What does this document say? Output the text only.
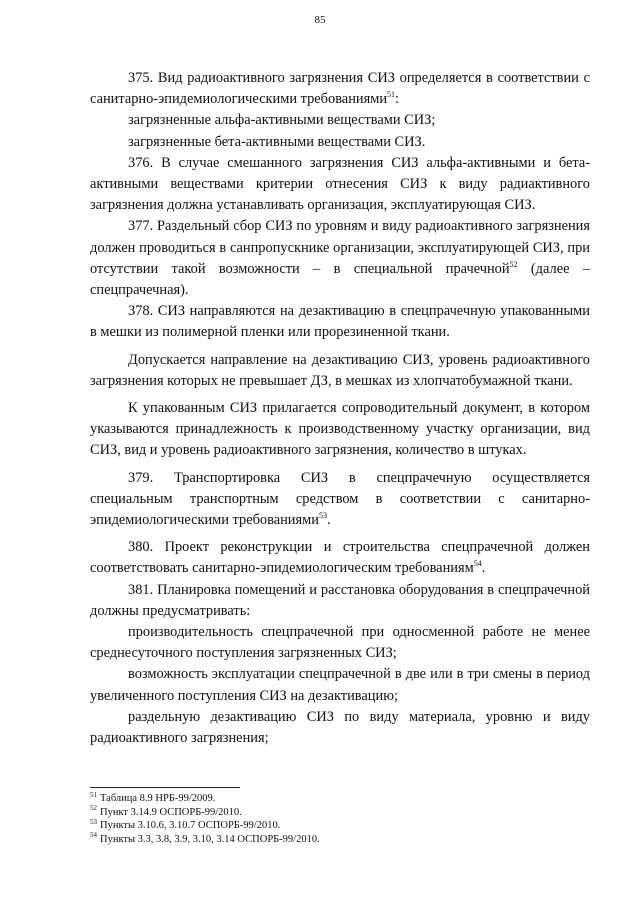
85

375. Вид радиоактивного загрязнения СИЗ определяется в соответствии с санитарно-эпидемиологическими требованиями$^{51}$:

загрязненные альфа-активными веществами СИЗ;

загрязненные бета-активными веществами СИЗ.

376. В случае смешанного загрязнения СИЗ альфа-активными и бета-активными веществами критерии отнесения СИЗ к виду радиактивного загрязнения должна устанавливать организация, эксплуатирующая СИЗ.

377. Раздельный сбор СИЗ по уровням и виду радиоактивного загрязнения должен проводиться в санпропускнике организации, эксплуатирующей СИЗ, при отсутствии такой возможности – в специальной прачечной$^{52}$ (далее – спецпрачечная).

378. СИЗ направляются на дезактивацию в спецпрачечную упакованными в мешки из полимерной пленки или прорезиненной ткани.

Допускается направление на дезактивацию СИЗ, уровень радиоактивного загрязнения которых не превышает ДЗ, в мешках из хлопчатобумажной ткани.

К упакованным СИЗ прилагается сопроводительный документ, в котором указываются принадлежность к производственному участку организации, вид СИЗ, вид и уровень радиоактивного загрязнения, количество в штуках.

379. Транспортировка СИЗ в спецпрачечную осуществляется специальным транспортным средством в соответствии с санитарно-эпидемиологическими требованиями$^{53}$.

380. Проект реконструкции и строительства спецпрачечной должен соответствовать санитарно-эпидемиологическим требованиям$^{54}$.

381. Планировка помещений и расстановка оборудования в спецпрачечной должны предусматривать:

производительность спецпрачечной при односменной работе не менее среднесуточного поступления загрязненных СИЗ;

возможность эксплуатации спецпрачечной в две или в три смены в период увеличенного поступления СИЗ на дезактивацию;

раздельную дезактивацию СИЗ по виду материала, уровню и виду радиоактивного загрязнения;

$^{51}$ Таблица 8.9 НРБ-99/2009.
$^{52}$ Пункт 3.14.9 ОСПОРБ-99/2010.
$^{53}$ Пункты 3.10.6, 3.10.7 ОСПОРБ-99/2010.
$^{54}$ Пункты 3.3, 3.8, 3.9, 3.10, 3.14 ОСПОРБ-99/2010.
